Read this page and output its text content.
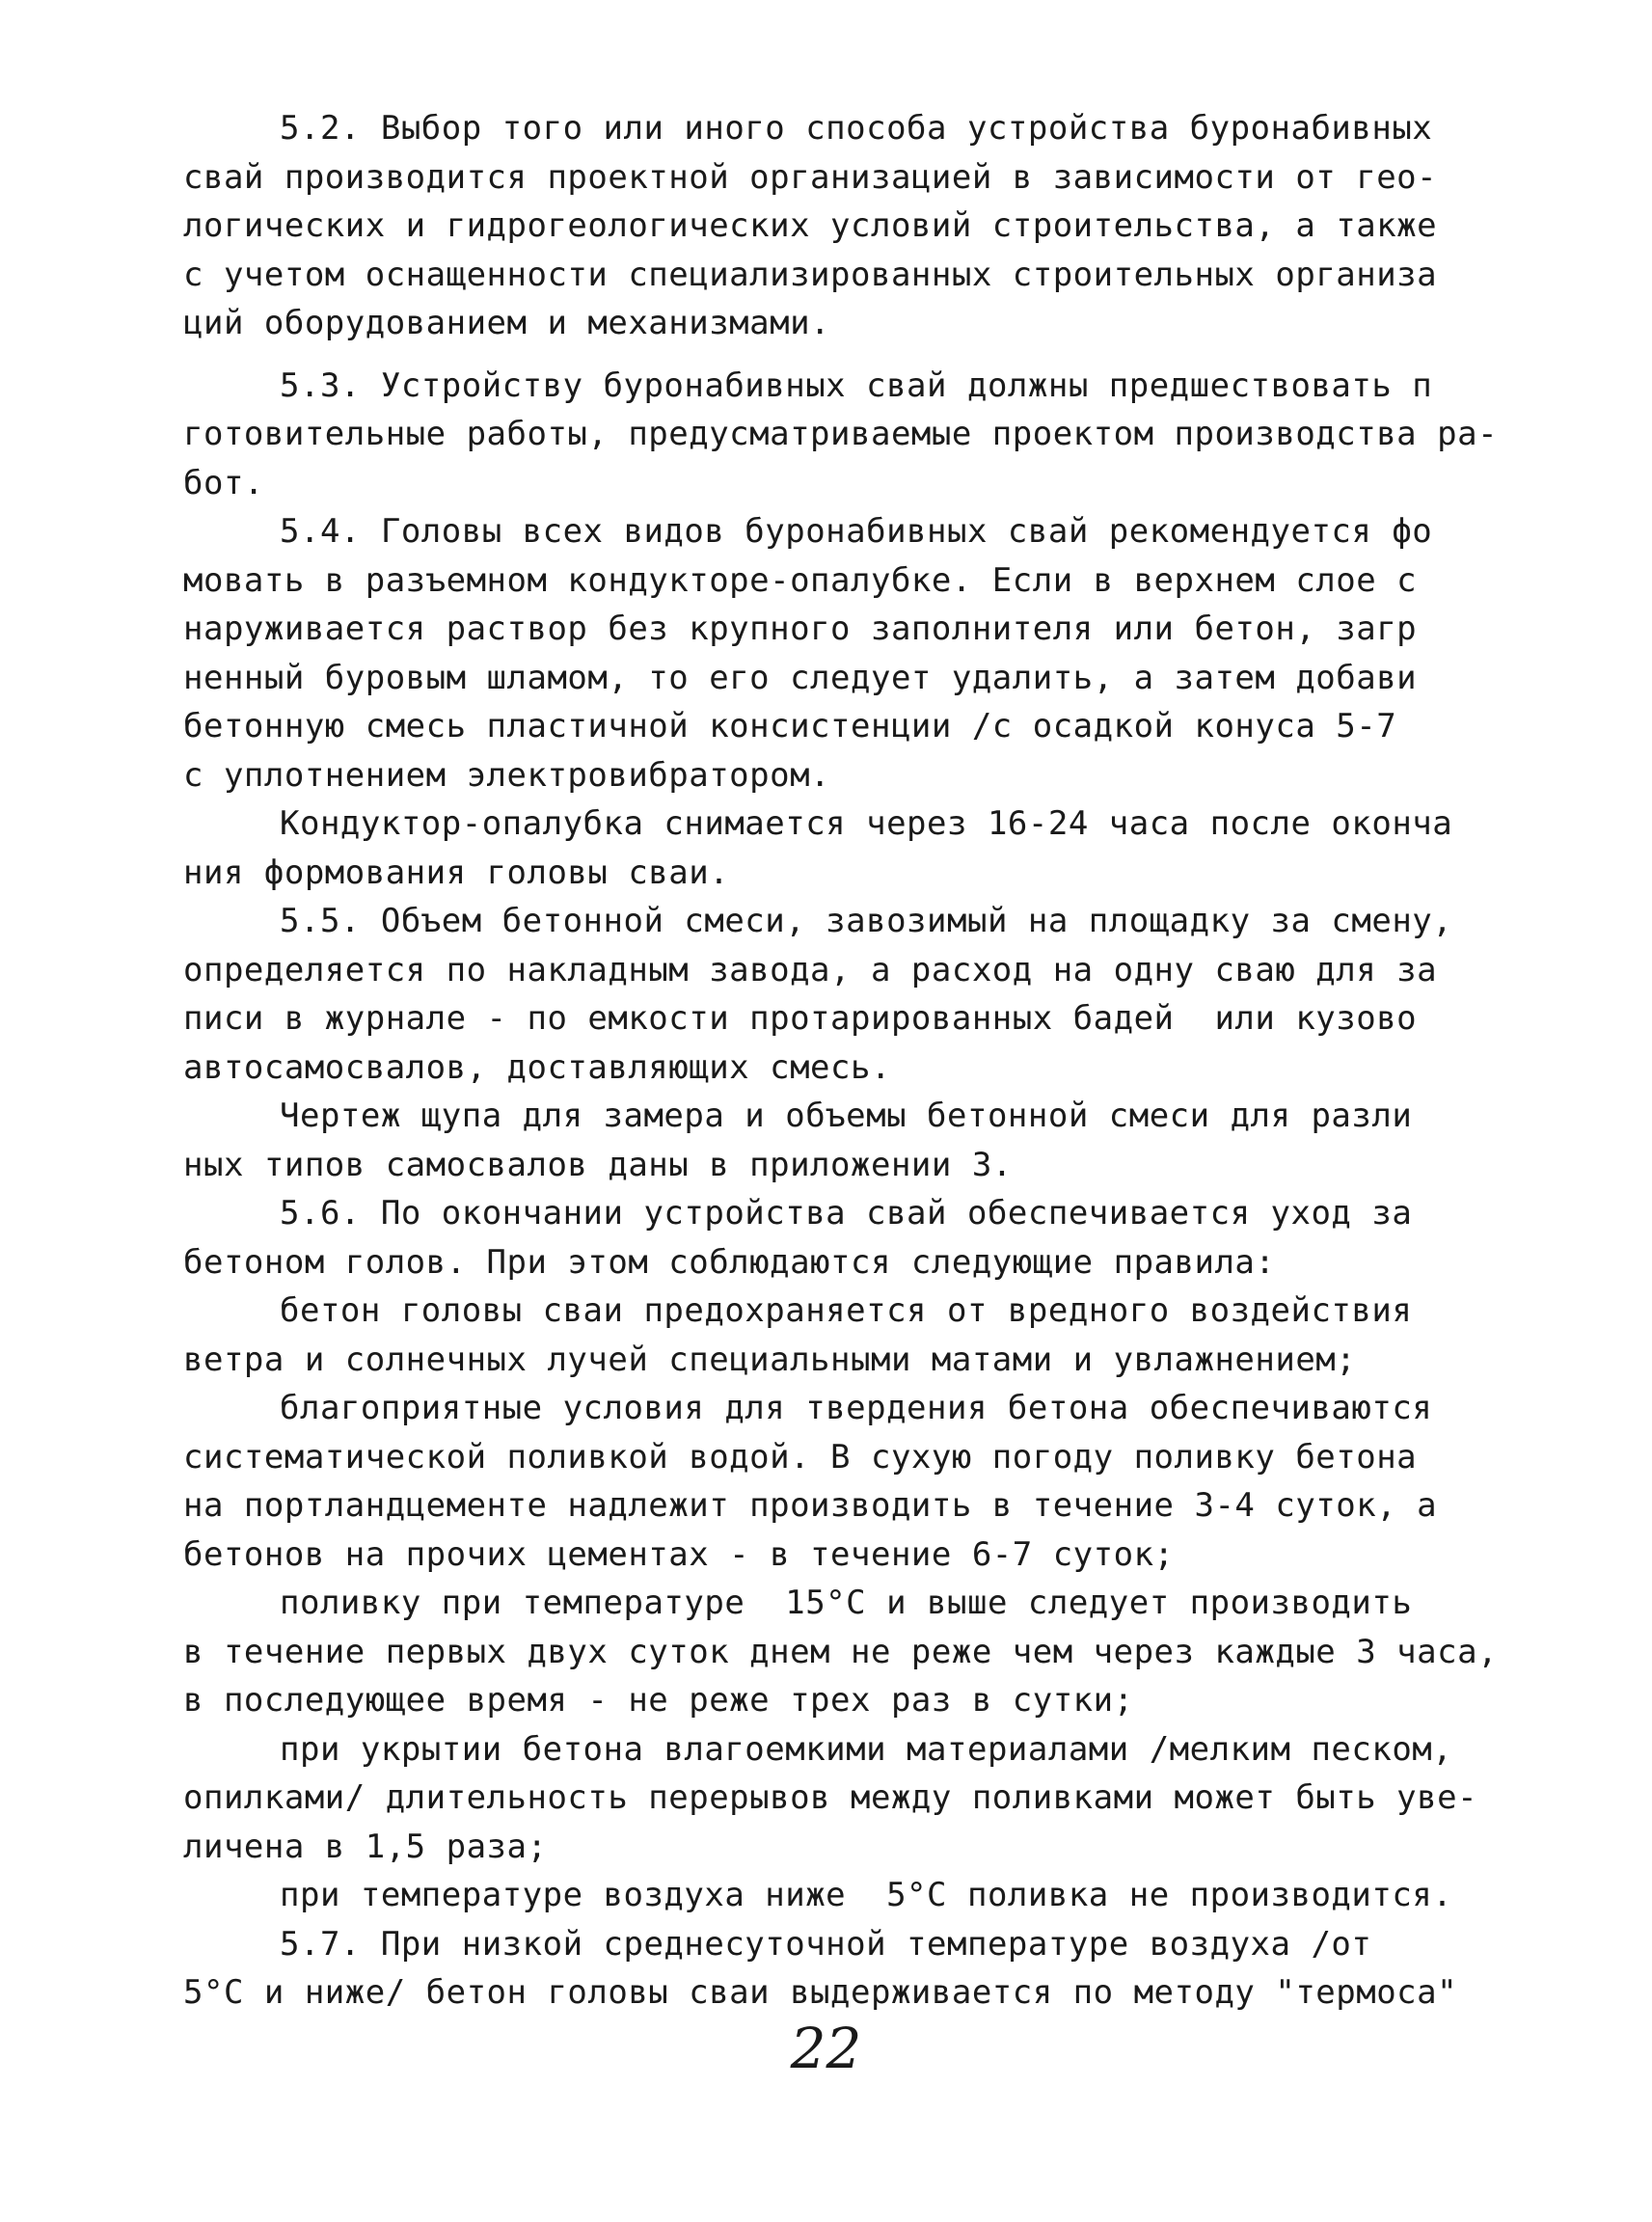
5.2. Выбор того или иного способа устройства буронабивных
свай производится проектной организацией в зависимости от гео-
логических и гидрогеологических условий строительства, а также
с учетом оснащенности специализированных строительных организа
ций оборудованием и механизмами.
5.3. Устройству буронабивных свай должны предшествовать п
готовительные работы, предусматриваемые проектом производства ра-
бот.
5.4. Головы всех видов буронабивных свай рекомендуется фо
мовать в разъемном кондукторе-опалубке. Если в верхнем слое с
наруживается раствор без крупного заполнителя или бетон, загр
ненный буровым шламом, то его следует удалить, а затем добави
бетонную смесь пластичной консистенции /с осадкой конуса 5-7
с уплотнением электровибратором.
Кондуктор-опалубка снимается через 16-24 часа после оконча
ния формования головы сваи.
5.5. Объем бетонной смеси, завозимый на площадку за смену,
определяется по накладным завода, а расход на одну сваю для за
писи в журнале - по емкости протарированных бадей  или кузово
автосамосвалов, доставляющих смесь.
Чертеж щупа для замера и объемы бетонной смеси для разли
ных типов самосвалов даны в приложении 3.
5.6. По окончании устройства свай обеспечивается уход за
бетоном голов. При этом соблюдаются следующие правила:
бетон головы сваи предохраняется от вредного воздействия
ветра и солнечных лучей специальными матами и увлажнением;
благоприятные условия для твердения бетона обеспечиваются
систематической поливкой водой. В сухую погоду поливку бетона
на портландцементе надлежит производить в течение 3-4 суток, а
бетонов на прочих цементах - в течение 6-7 суток;
поливку при температуре  15°С и выше следует производить
в течение первых двух суток днем не реже чем через каждые 3 часа,
в последующее время - не реже трех раз в сутки;
при укрытии бетона влагоемкими материалами /мелким песком,
опилками/ длительность перерывов между поливками может быть уве-
личена в 1,5 раза;
при температуре воздуха ниже  5°С поливка не производится.
5.7. При низкой среднесуточной температуре воздуха /от
5°С и ниже/ бетон головы сваи выдерживается по методу "термоса"
22
